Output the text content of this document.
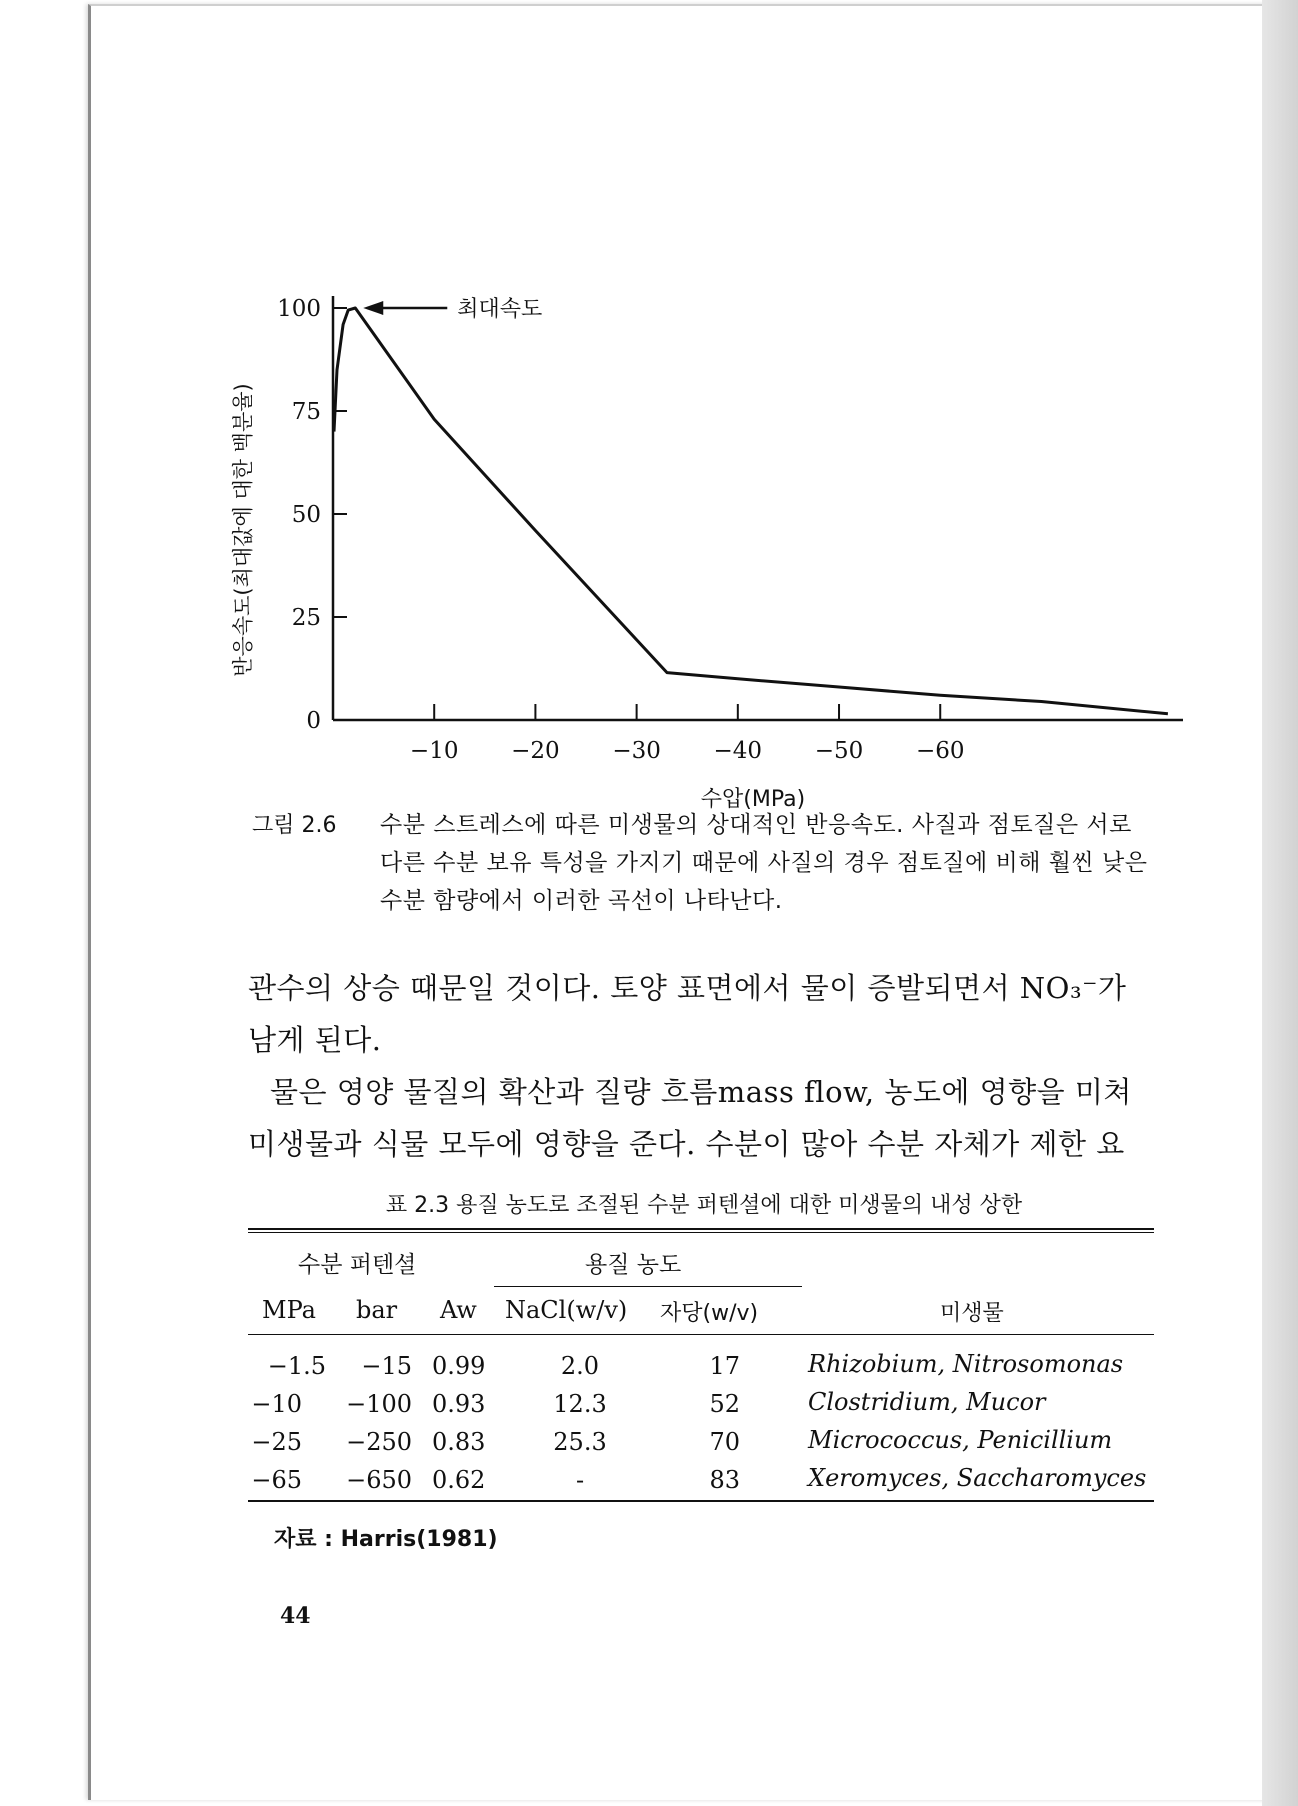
0
25
50
75
100
−10 −20 −30 −40 −50 −60
수압(MPa)
반응속도(최대값에 대한 백분율)
최대속도
그림 2.6 수분 스트레스에 따른 미생물의 상대적인 반응속도. 사질과 점토질은 서로 다른 수분 보유 특성을 가지기 때문에 사질의 경우 점토질에 비해 훨씬 낮은 수분 함량에서 이러한 곡선이 나타난다.

관수의 상승 때문일 것이다. 토양 표면에서 물이 증발되면서 NO₃⁻가 남게 된다.

물은 영양 물질의 확산과 질량 흐름mass flow, 농도에 영향을 미쳐 미생물과 식물 모두에 영향을 준다. 수분이 많아 수분 자체가 제한 요

표 2.3 용질 농도로 조절된 수분 퍼텐셜에 대한 미생물의 내성 상한
수분 퍼텐셜	용질 농도
MPa bar Aw NaCl(w/v) 자당(w/v)	미생물
−1.5	−15 0.99	2.0	17	Rhizobium, Nitrosomonas
−10 −100 0.93	12.3	52	Clostridium, Mucor
−25 −250 0.83	25.3	70	Micrococcus, Penicillium
−65 −650 0.62	-	83	Xeromyces, Saccharomyces
자료 : Harris(1981)
44
